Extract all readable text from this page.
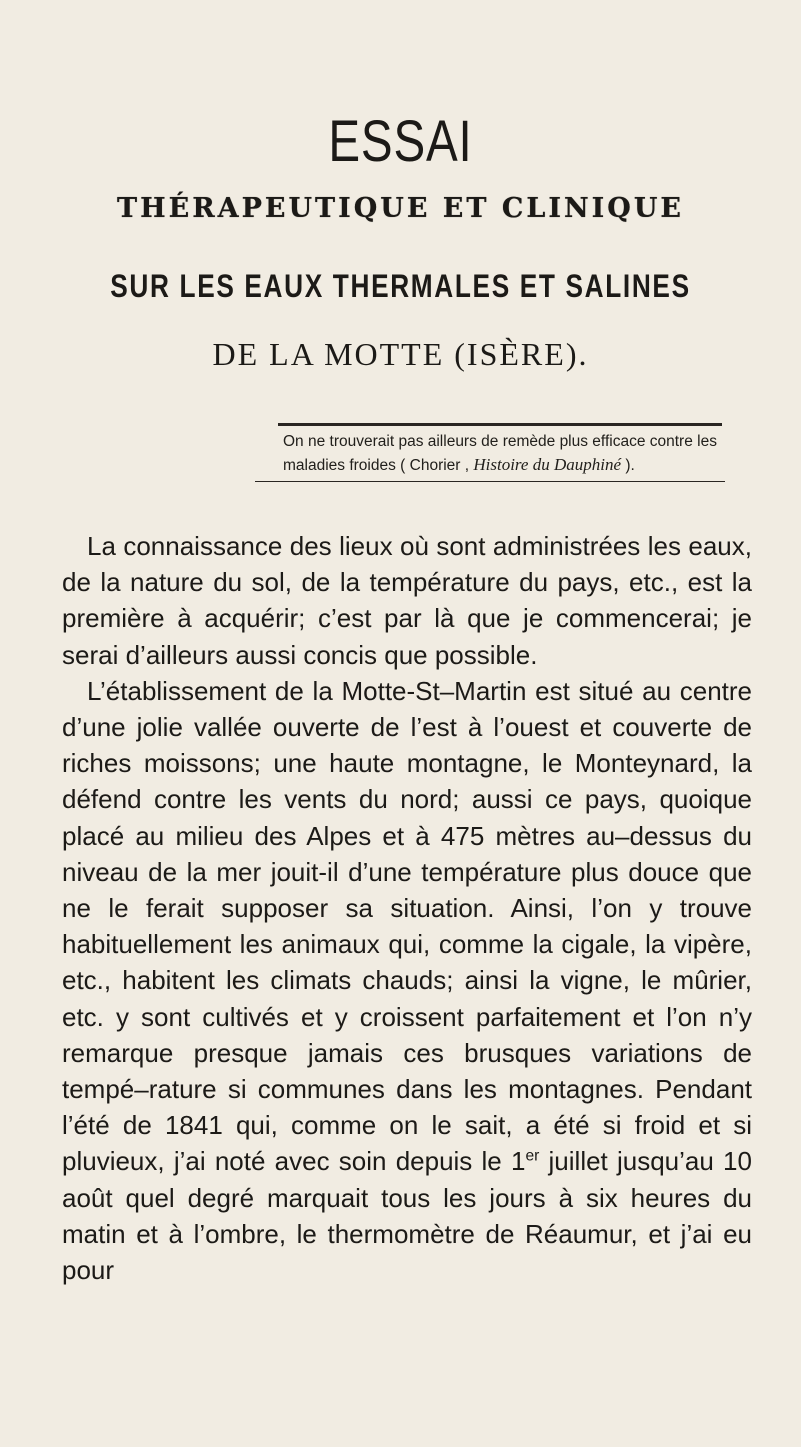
ESSAI
THÉRAPEUTIQUE ET CLINIQUE
SUR LES EAUX THERMALES ET SALINES
DE LA MOTTE (ISÈRE).
On ne trouverait pas ailleurs de remède plus efficace contre les maladies froides ( Chorier , Histoire du Dauphiné ).

La connaissance des lieux où sont administrées les eaux, de la nature du sol, de la température du pays, etc., est la première à acquérir; c’est par là que je commencerai; je serai d’ailleurs aussi concis que possible.

L’établissement de la Motte-St–Martin est situé au centre d’une jolie vallée ouverte de l’est à l’ouest et couverte de riches moissons; une haute montagne, le Monteynard, la défend contre les vents du nord; aussi ce pays, quoique placé au milieu des Alpes et à 475 mètres au–dessus du niveau de la mer jouit-il d’une température plus douce que ne le ferait supposer sa situation. Ainsi, l’on y trouve habituellement les animaux qui, comme la cigale, la vipère, etc., habitent les climats chauds; ainsi la vigne, le mûrier, etc. y sont cultivés et y croissent parfaitement et l’on n’y remarque presque jamais ces brusques variations de tempé–rature si communes dans les montagnes. Pendant l’été de 1841 qui, comme on le sait, a été si froid et si pluvieux, j’ai noté avec soin depuis le 1er juillet jusqu’au 10 août quel degré marquait tous les jours à six heures du matin et à l’ombre, le thermomètre de Réaumur, et j’ai eu pour
